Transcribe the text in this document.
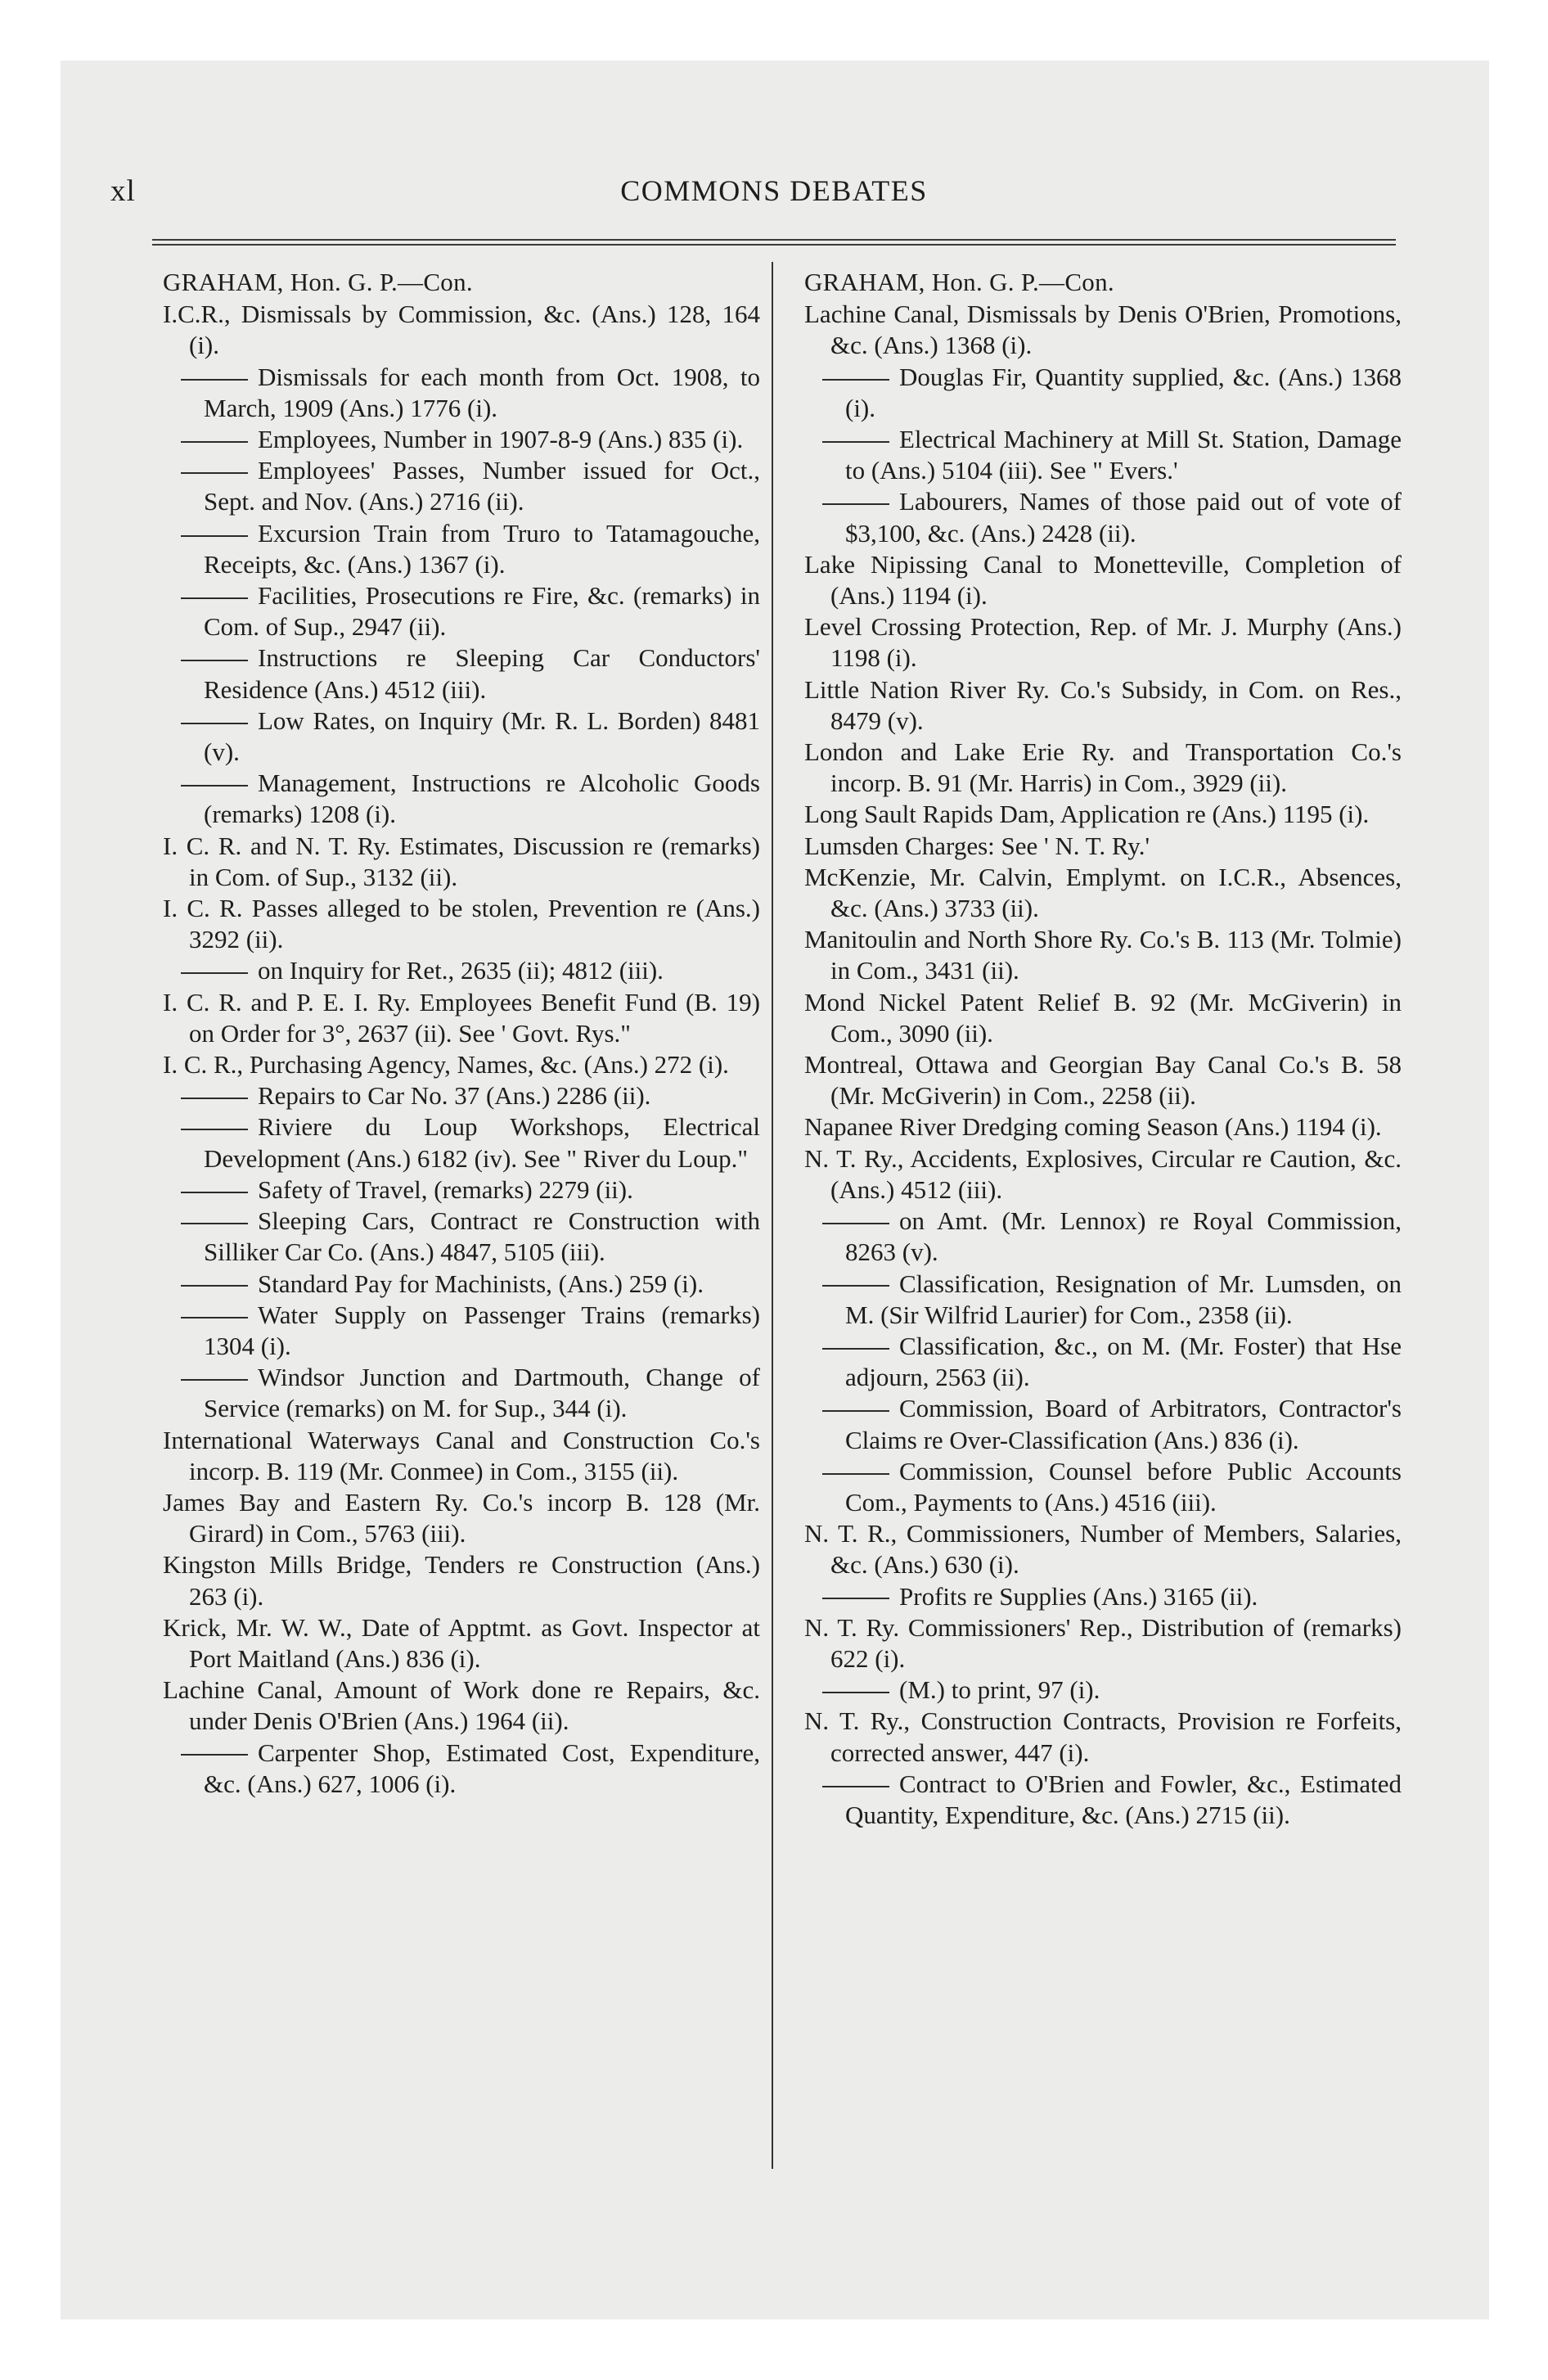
xl	COMMONS DEBATES

GRAHAM, Hon. G. P.—Con.

I.C.R., Dismissals by Commission, &c. (Ans.) 128, 164 (i).

Dismissals for each month from Oct. 1908, to March, 1909 (Ans.) 1776 (i).

Employees, Number in 1907-8-9 (Ans.) 835 (i).

Employees' Passes, Number issued for Oct., Sept. and Nov. (Ans.) 2716 (ii).

Excursion Train from Truro to Tatamagouche, Receipts, &c. (Ans.) 1367 (i).

Facilities, Prosecutions re Fire, &c. (remarks) in Com. of Sup., 2947 (ii).

Instructions re Sleeping Car Conductors' Residence (Ans.) 4512 (iii).

Low Rates, on Inquiry (Mr. R. L. Borden) 8481 (v).

Management, Instructions re Alcoholic Goods (remarks) 1208 (i).

I. C. R. and N. T. Ry. Estimates, Discussion re (remarks) in Com. of Sup., 3132 (ii).

I. C. R. Passes alleged to be stolen, Prevention re (Ans.) 3292 (ii).

on Inquiry for Ret., 2635 (ii); 4812 (iii).

I. C. R. and P. E. I. Ry. Employees Benefit Fund (B. 19) on Order for 3°, 2637 (ii). See ' Govt. Rys."

I. C. R., Purchasing Agency, Names, &c. (Ans.) 272 (i).

Repairs to Car No. 37 (Ans.) 2286 (ii).

Riviere du Loup Workshops, Electrical Development (Ans.) 6182 (iv). See " River du Loup."

Safety of Travel, (remarks) 2279 (ii).

Sleeping Cars, Contract re Construction with Silliker Car Co. (Ans.) 4847, 5105 (iii).

Standard Pay for Machinists, (Ans.) 259 (i).

Water Supply on Passenger Trains (remarks) 1304 (i).

Windsor Junction and Dartmouth, Change of Service (remarks) on M. for Sup., 344 (i).

International Waterways Canal and Construction Co.'s incorp. B. 119 (Mr. Conmee) in Com., 3155 (ii).

James Bay and Eastern Ry. Co.'s incorp B. 128 (Mr. Girard) in Com., 5763 (iii).

Kingston Mills Bridge, Tenders re Construction (Ans.) 263 (i).

Krick, Mr. W. W., Date of Apptmt. as Govt. Inspector at Port Maitland (Ans.) 836 (i).

Lachine Canal, Amount of Work done re Repairs, &c. under Denis O'Brien (Ans.) 1964 (ii).

Carpenter Shop, Estimated Cost, Expenditure, &c. (Ans.) 627, 1006 (i).

GRAHAM, Hon. G. P.—Con.

Lachine Canal, Dismissals by Denis O'Brien, Promotions, &c. (Ans.) 1368 (i).

Douglas Fir, Quantity supplied, &c. (Ans.) 1368 (i).

Electrical Machinery at Mill St. Station, Damage to (Ans.) 5104 (iii). See " Evers.'

Labourers, Names of those paid out of vote of $3,100, &c. (Ans.) 2428 (ii).

Lake Nipissing Canal to Monetteville, Completion of (Ans.) 1194 (i).

Level Crossing Protection, Rep. of Mr. J. Murphy (Ans.) 1198 (i).

Little Nation River Ry. Co.'s Subsidy, in Com. on Res., 8479 (v).

London and Lake Erie Ry. and Transportation Co.'s incorp. B. 91 (Mr. Harris) in Com., 3929 (ii).

Long Sault Rapids Dam, Application re (Ans.) 1195 (i).

Lumsden Charges: See ' N. T. Ry.'

McKenzie, Mr. Calvin, Emplymt. on I.C.R., Absences, &c. (Ans.) 3733 (ii).

Manitoulin and North Shore Ry. Co.'s B. 113 (Mr. Tolmie) in Com., 3431 (ii).

Mond Nickel Patent Relief B. 92 (Mr. McGiverin) in Com., 3090 (ii).

Montreal, Ottawa and Georgian Bay Canal Co.'s B. 58 (Mr. McGiverin) in Com., 2258 (ii).

Napanee River Dredging coming Season (Ans.) 1194 (i).

N. T. Ry., Accidents, Explosives, Circular re Caution, &c. (Ans.) 4512 (iii).

on Amt. (Mr. Lennox) re Royal Commission, 8263 (v).

Classification, Resignation of Mr. Lumsden, on M. (Sir Wilfrid Laurier) for Com., 2358 (ii).

Classification, &c., on M. (Mr. Foster) that Hse adjourn, 2563 (ii).

Commission, Board of Arbitrators, Contractor's Claims re Over-Classification (Ans.) 836 (i).

Commission, Counsel before Public Accounts Com., Payments to (Ans.) 4516 (iii).

N. T. R., Commissioners, Number of Members, Salaries, &c. (Ans.) 630 (i).

Profits re Supplies (Ans.) 3165 (ii).

N. T. Ry. Commissioners' Rep., Distribution of (remarks) 622 (i).

(M.) to print, 97 (i).

N. T. Ry., Construction Contracts, Provision re Forfeits, corrected answer, 447 (i).

Contract to O'Brien and Fowler, &c., Estimated Quantity, Expenditure, &c. (Ans.) 2715 (ii).
